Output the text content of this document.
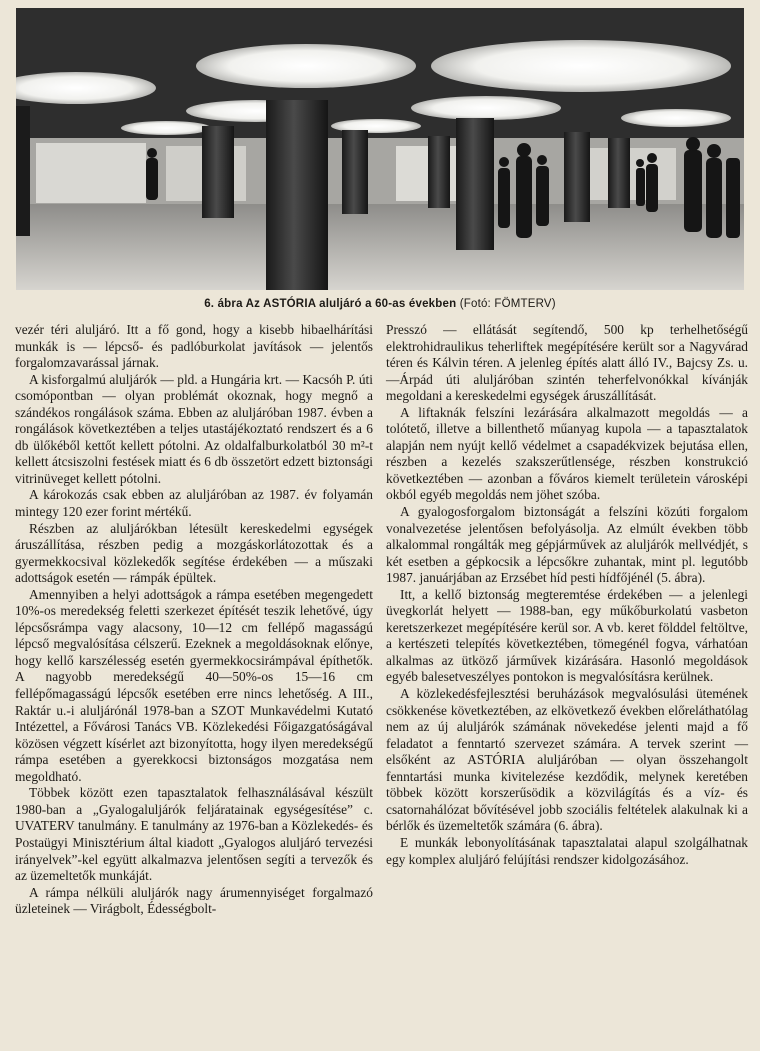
6. ábra Az ASTÓRIA aluljáró a 60-as években (Fotó: FÖMTERV)

vezér téri aluljáró. Itt a fő gond, hogy a kisebb hibaelhárítási munkák is — lépcső- és padlóburkolat javítások — jelentős forgalomzavarással járnak.

A kisforgalmú aluljárók — pld. a Hungária krt. — Kacsóh P. úti csomópontban — olyan problémát okoznak, hogy megnő a szándékos rongálások száma. Ebben az aluljáróban 1987. évben a rongálások következtében a teljes utastájékoztató rendszert és a 6 db ülőkéből kettőt kellett pótolni. Az oldalfalburkolatból 30 m²-t kellett átcsiszolni festések miatt és 6 db összetört edzett biztonsági vitrinüveget kellett pótolni.

A károkozás csak ebben az aluljáróban az 1987. év folyamán mintegy 120 ezer forint mértékű.

Részben az aluljárókban létesült kereskedelmi egységek áruszállítása, részben pedig a mozgáskorlátozottak és a gyermekkocsival közlekedők segítése érdekében — a műszaki adottságok esetén — rámpák épültek.

Amennyiben a helyi adottságok a rámpa esetében megengedett 10%-os meredekség feletti szerkezet építését teszik lehetővé, úgy lépcsősrámpa vagy alacsony, 10—12 cm fellépő magasságú lépcső megvalósítása célszerű. Ezeknek a megoldásoknak előnye, hogy kellő karszélesség esetén gyermekkocsirámpával építhetők. A nagyobb meredekségű 40—50%-os 15—16 cm fellépőmagasságú lépcsők esetében erre nincs lehetőség. A III., Raktár u.-i aluljárónál 1978-ban a SZOT Munkavédelmi Kutató Intézettel, a Fővárosi Tanács VB. Közlekedési Főigazgatóságával közösen végzett kísérlet azt bizonyította, hogy ilyen meredekségű rámpa esetében a gyerekkocsi biztonságos mozgatása nem megoldható.

Többek között ezen tapasztalatok felhasználásával készült 1980-ban a „Gyalogaluljárók feljáratainak egységesítése” c. UVATERV tanulmány. E tanulmány az 1976-ban a Közlekedés- és Postaügyi Minisztérium által kiadott „Gyalogos aluljáró tervezési irányelvek”-kel együtt alkalmazva jelentősen segíti a tervezők és az üzemeltetők munkáját.

A rámpa nélküli aluljárók nagy árumennyiséget forgalmazó üzleteinek — Virágbolt, Édességbolt-

Presszó — ellátását segítendő, 500 kp terhelhetőségű elektrohidraulikus teherliftek megépítésére került sor a Nagyvárad téren és Kálvin téren. A jelenleg építés alatt álló IV., Bajcsy Zs. u.—Árpád úti aluljáróban szintén teherfelvonókkal kívánják megoldani a kereskedelmi egységek áruszállítását.

A liftaknák felszíni lezárására alkalmazott megoldás — a tolótető, illetve a billenthető műanyag kupola — a tapasztalatok alapján nem nyújt kellő védelmet a csapadékvizek bejutása ellen, részben a kezelés szakszerűtlensége, részben konstrukció következtében — azonban a főváros kiemelt területein városképi okból egyéb megoldás nem jöhet szóba.

A gyalogosforgalom biztonságát a felszíni közúti forgalom vonalvezetése jelentősen befolyásolja. Az elmúlt években több alkalommal rongálták meg gépjárművek az aluljárók mellvédjét, s két esetben a gépkocsik a lépcsőkre zuhantak, mint pl. legutóbb 1987. januárjában az Erzsébet híd pesti hídfőjénél (5. ábra).

Itt, a kellő biztonság megteremtése érdekében — a jelenlegi üvegkorlát helyett — 1988-ban, egy műkőburkolatú vasbeton keretszerkezet megépítésére kerül sor. A vb. keret földdel feltöltve, a kertészeti telepítés következtében, tömegénél fogva, várhatóan alkalmas az ütköző járművek kizárására. Hasonló megoldások egyéb balesetveszélyes pontokon is megvalósításra kerülnek.

A közlekedésfejlesztési beruházások megvalósulási ütemének csökkenése következtében, az elkövetkező években előreláthatólag nem az új aluljárók számának növekedése jelenti majd a fő feladatot a fenntartó szervezet számára. A tervek szerint — elsőként az ASTÓRIA aluljáróban — olyan összehangolt fenntartási munka kivitelezése kezdődik, melynek keretében többek között korszerűsödik a közvilágítás és a víz- és csatornahálózat bővítésével jobb szociális feltételek alakulnak ki a bérlők és üzemeltetők számára (6. ábra).

E munkák lebonyolításának tapasztalatai alapul szolgálhatnak egy komplex aluljáró felújítási rendszer kidolgozásához.
